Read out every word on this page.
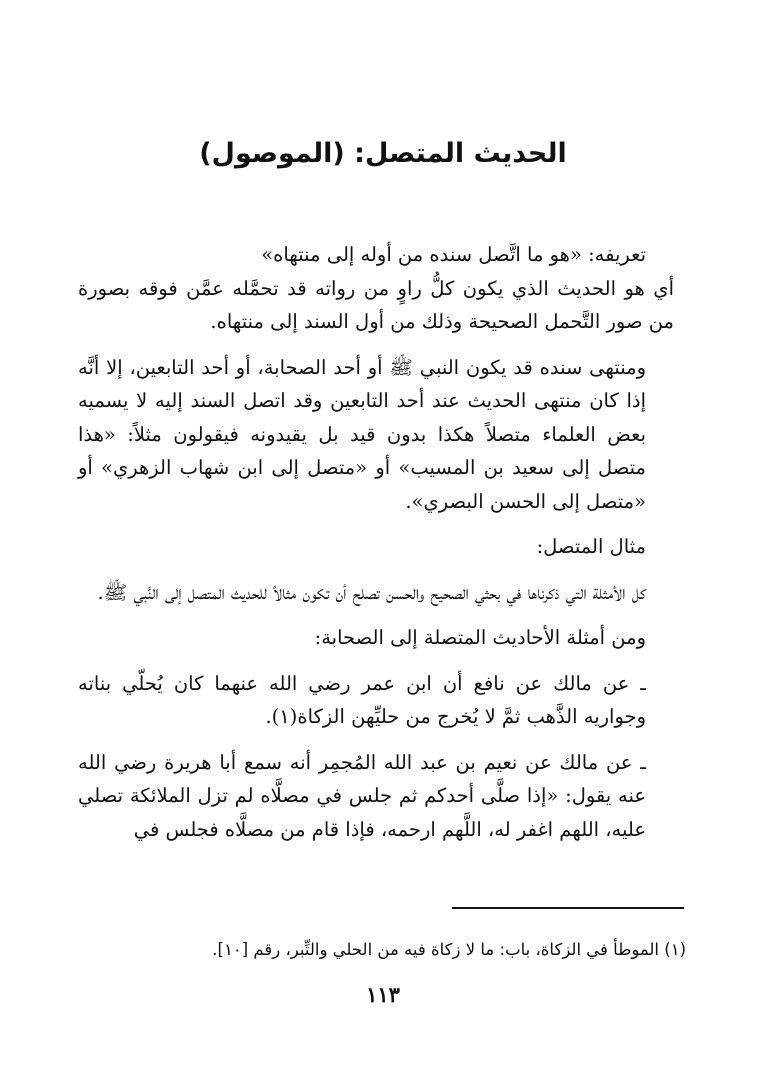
الحديث المتصل: (الموصول)

تعريفه: «هو ما اتَّصل سنده من أوله إلى منتهاه»

أي هو الحديث الذي يكون كلُّ راوٍ من رواته قد تحمَّله عمَّن فوقه بصورة من صور التَّحمل الصحيحة وذلك من أول السند إلى منتهاه.

ومنتهى سنده قد يكون النبي ﷺ أو أحد الصحابة، أو أحد التابعين، إلا أنَّه إذا كان منتهى الحديث عند أحد التابعين وقد اتصل السند إليه لا يسميه بعض العلماء متصلاً هكذا بدون قيد بل يقيدونه فيقولون مثلاً: «هذا متصل إلى سعيد بن المسيب» أو «متصل إلى ابن شهاب الزهري» أو «متصل إلى الحسن البصري».

مثال المتصل:

كل الأمثلة التي ذكرناها في بحثي الصحيح والحسن تصلح أن تكون مثالاً للحديث المتصل إلى النَّبي ﷺ.

ومن أمثلة الأحاديث المتصلة إلى الصحابة:

ـ عن مالك عن نافع أن ابن عمر رضي الله عنهما كان يُحلّي بناته وجواريه الذَّهب ثمَّ لا يُخرج من حليِّهن الزكاة(١).

ـ عن مالك عن نعيم بن عبد الله المُجمِر أنه سمع أبا هريرة رضي الله عنه يقول: «إذا صلَّى أحدكم ثم جلس في مصلَّاه لم تزل الملائكة تصلي عليه، اللهم اغفر له، اللَّهم ارحمه، فإذا قام من مصلَّاه فجلس في

(١) الموطأ في الزكاة، باب: ما لا زكاة فيه من الحلي والتِّبر، رقم [١٠].
١١٣
